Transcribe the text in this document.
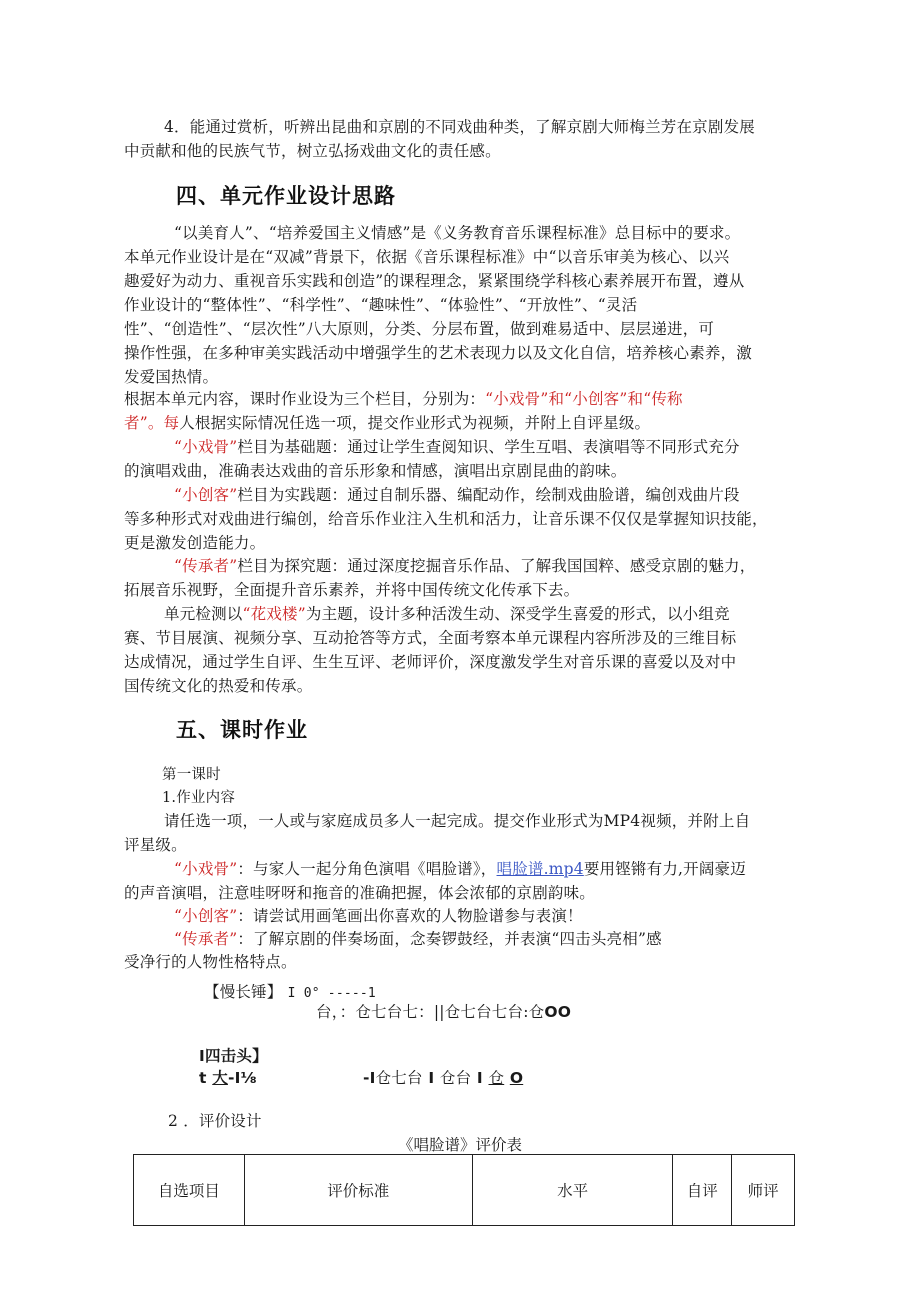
4．能通过赏析，听辨出昆曲和京剧的不同戏曲种类，了解京剧大师梅兰芳在京剧发展
中贡献和他的民族气节，树立弘扬戏曲文化的责任感。
四、单元作业设计思路
“以美育人”、“培养爱国主义情感”是《义务教育音乐课程标准》总目标中的要求。
本单元作业设计是在“双减”背景下，依据《音乐课程标准》中“以音乐审美为核心、以兴
趣爱好为动力、重视音乐实践和创造”的课程理念，紧紧围绕学科核心素养展开布置，遵从
作业设计的“整体性”、“科学性”、“趣味性”、“体验性”、“开放性”、“灵活
性”、“创造性”、“层次性”八大原则，分类、分层布置，做到难易适中、层层递进，可
操作性强，在多种审美实践活动中增强学生的艺术表现力以及文化自信，培养核心素养，激
发爱国热情。
根据本单元内容，课时作业设为三个栏目，分别为：“小戏骨”和“小创客”和“传称
者”。每人根据实际情况任选一项，提交作业形式为视频，并附上自评星级。
“小戏骨”栏目为基础题：通过让学生查阅知识、学生互唱、表演唱等不同形式充分
的演唱戏曲，准确表达戏曲的音乐形象和情感，演唱出京剧昆曲的韵味。
“小创客”栏目为实践题：通过自制乐器、编配动作，绘制戏曲脸谱，编创戏曲片段
等多种形式对戏曲进行编创，给音乐作业注入生机和活力，让音乐课不仅仅是掌握知识技能，
更是激发创造能力。
“传承者”栏目为探究题：通过深度挖掘音乐作品、了解我国国粹、感受京剧的魅力，
拓展音乐视野，全面提升音乐素养，并将中国传统文化传承下去。
单元检测以“花戏楼”为主题，设计多种活泼生动、深受学生喜爱的形式，以小组竞
赛、节目展演、视频分享、互动抢答等方式，全面考察本单元课程内容所涉及的三维目标
达成情况，通过学生自评、生生互评、老师评价，深度激发学生对音乐课的喜爱以及对中
国传统文化的热爱和传承。
五、课时作业
第一课时
1.作业内容
请任选一项，一人或与家庭成员多人一起完成。提交作业形式为MP4视频，并附上自
评星级。
“小戏骨”：与家人一起分角色演唱《唱脸谱》，唱脸谱.mp4要用铿锵有力,开阔豪迈
的声音演唱，注意哇呀呀和拖音的准确把握，体会浓郁的京剧韵味。
“小创客”：请尝试用画笔画出你喜欢的人物脸谱参与表演！
“传承者”：了解京剧的伴奏场面，念奏锣鼓经，并表演“四击头亮相”感
受净行的人物性格特点。
【慢长锤】 I 0° -----1
台，：仓七台七：||仓七台七台:仓OO
I四击头】
t 大-I⅛	-I仓七台 I 仓台 I 仓 O
2 ．评价设计
《唱脸谱》评价表
自选项目	评价标准	水平	自评	师评
